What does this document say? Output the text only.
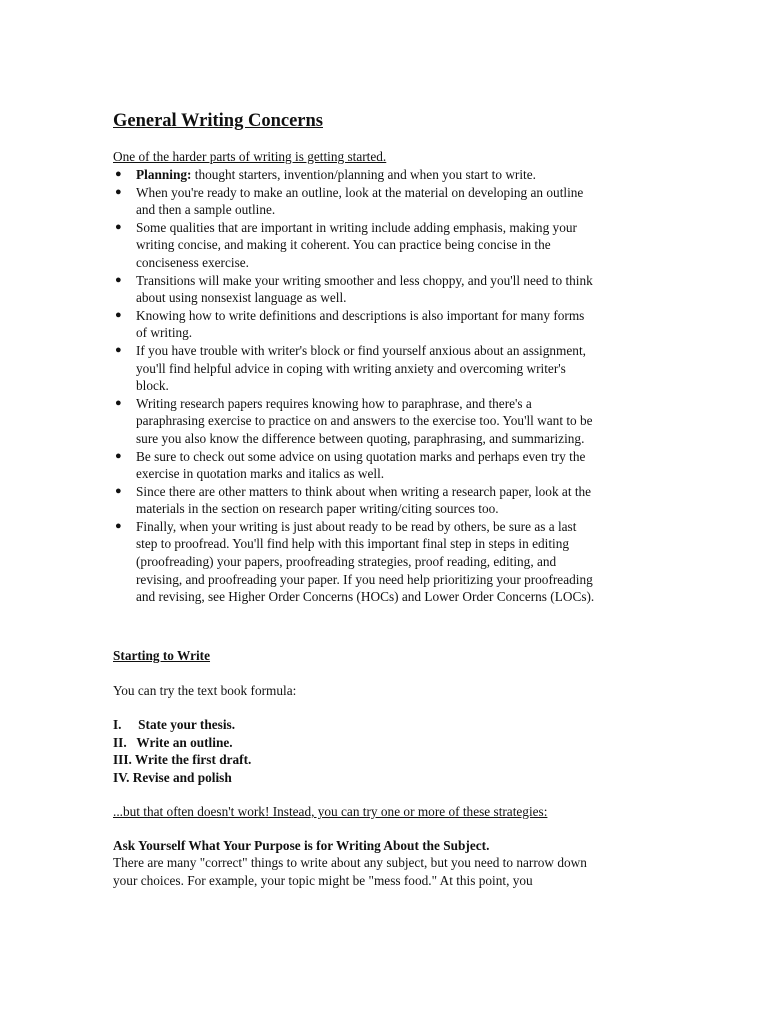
General Writing Concerns
One of the harder parts of writing is getting started.
● Planning: thought starters, invention/planning and when you start to write.
● When you're ready to make an outline, look at the material on developing an outline
and then a sample outline.
● Some qualities that are important in writing include adding emphasis, making your
writing concise, and making it coherent. You can practice being concise in the
conciseness exercise.
● Transitions will make your writing smoother and less choppy, and you'll need to think
about using nonsexist language as well.
● Knowing how to write definitions and descriptions is also important for many forms
of writing.
● If you have trouble with writer's block or find yourself anxious about an assignment,
you'll find helpful advice in coping with writing anxiety and overcoming writer's
block.
● Writing research papers requires knowing how to paraphrase, and there's a
paraphrasing exercise to practice on and answers to the exercise too. You'll want to be
sure you also know the difference between quoting, paraphrasing, and summarizing.
● Be sure to check out some advice on using quotation marks and perhaps even try the
exercise in quotation marks and italics as well.
● Since there are other matters to think about when writing a research paper, look at the
materials in the section on research paper writing/citing sources too.
● Finally, when your writing is just about ready to be read by others, be sure as a last
step to proofread. You'll find help with this important final step in steps in editing
(proofreading) your papers, proofreading strategies, proof reading, editing, and
revising, and proofreading your paper. If you need help prioritizing your proofreading
and revising, see Higher Order Concerns (HOCs) and Lower Order Concerns (LOCs).
Starting to Write
You can try the text book formula:
I.     State your thesis.
II.   Write an outline.
III. Write the first draft.
IV. Revise and polish
...but that often doesn't work! Instead, you can try one or more of these strategies:
Ask Yourself What Your Purpose is for Writing About the Subject.
There are many "correct" things to write about any subject, but you need to narrow down
your choices. For example, your topic might be "mess food." At this point, you
